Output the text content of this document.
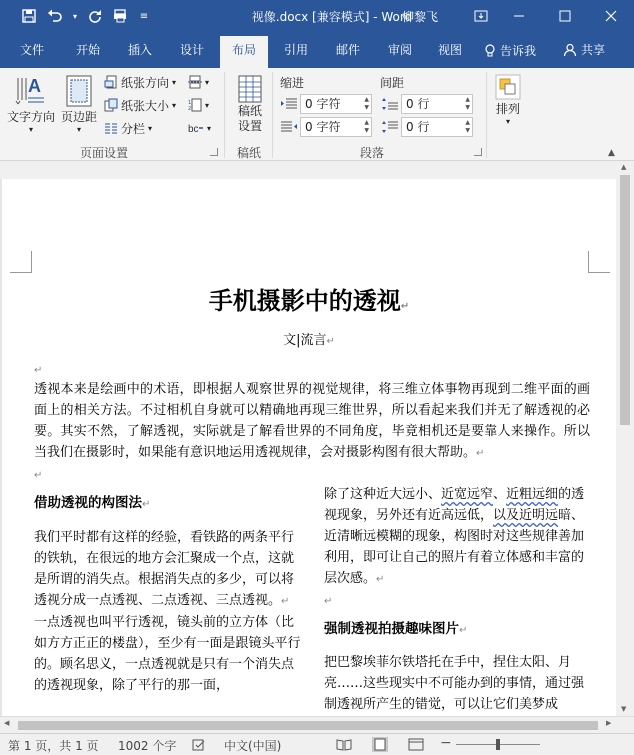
▾	≡	视像.docx [兼容模式] - Word
柳黎飞
文件	开始	插入	设计	布局	引用	邮件	审阅	视图	告诉我	共享
A
文字方向
▾
页边距
▾
纸张方向 ▾
纸张大小 ▾
分栏 ▾
▾
1
2 ▾
bc ▾
页面设置
稿纸设置
稿纸
缩进	间距
0 字符	▲
▼
0 字符	▲
▼
0 行	▲
▼
0 行	▲
▼
段落
排列
▾
▲
手机摄影中的透视↵
文|流言↵
↵
透视本来是绘画中的术语，即根据人观察世界的视觉规律，将三维立体事物再现到二维平面的画面上的相关方法。不过相机自身就可以精确地再现三维世界，所以看起来我们并无了解透视的必要。其实不然，了解透视，实际就是了解看世界的不同角度，毕竟相机还是要靠人来操作。所以当我们在摄影时，如果能有意识地运用透视规律，会对摄影构图有很大帮助。↵
↵
借助透视的构图法↵
我们平时都有这样的经验，看铁路的两条平行的铁轨，在很远的地方会汇聚成一个点，这就是所谓的消失点。根据消失点的多少，可以将透视分成一点透视、二点透视、三点透视。↵
一点透视也叫平行透视，镜头前的立方体（比如方方正正的楼盘），至少有一面是跟镜头平行的。顾名思义，一点透视就是只有一个消失点的透视现象，除了平行的那一面，
除了这种近大远小、近宽远窄、近粗远细的透视现象，另外还有近高远低，以及近明远暗、近清晰远模糊的现象，构图时对这些规律善加利用，即可让自己的照片有着立体感和丰富的层次感。↵
↵
强制透视拍摄趣味图片↵
把巴黎埃菲尔铁塔托在手中，捏住太阳、月亮……这些现实中不可能办到的事情，通过强制透视所产生的错觉，可以让它们美梦成
▲
▼
◀	▶
第 1 页，共 1 页 1002 个字	中文(中国)	−
